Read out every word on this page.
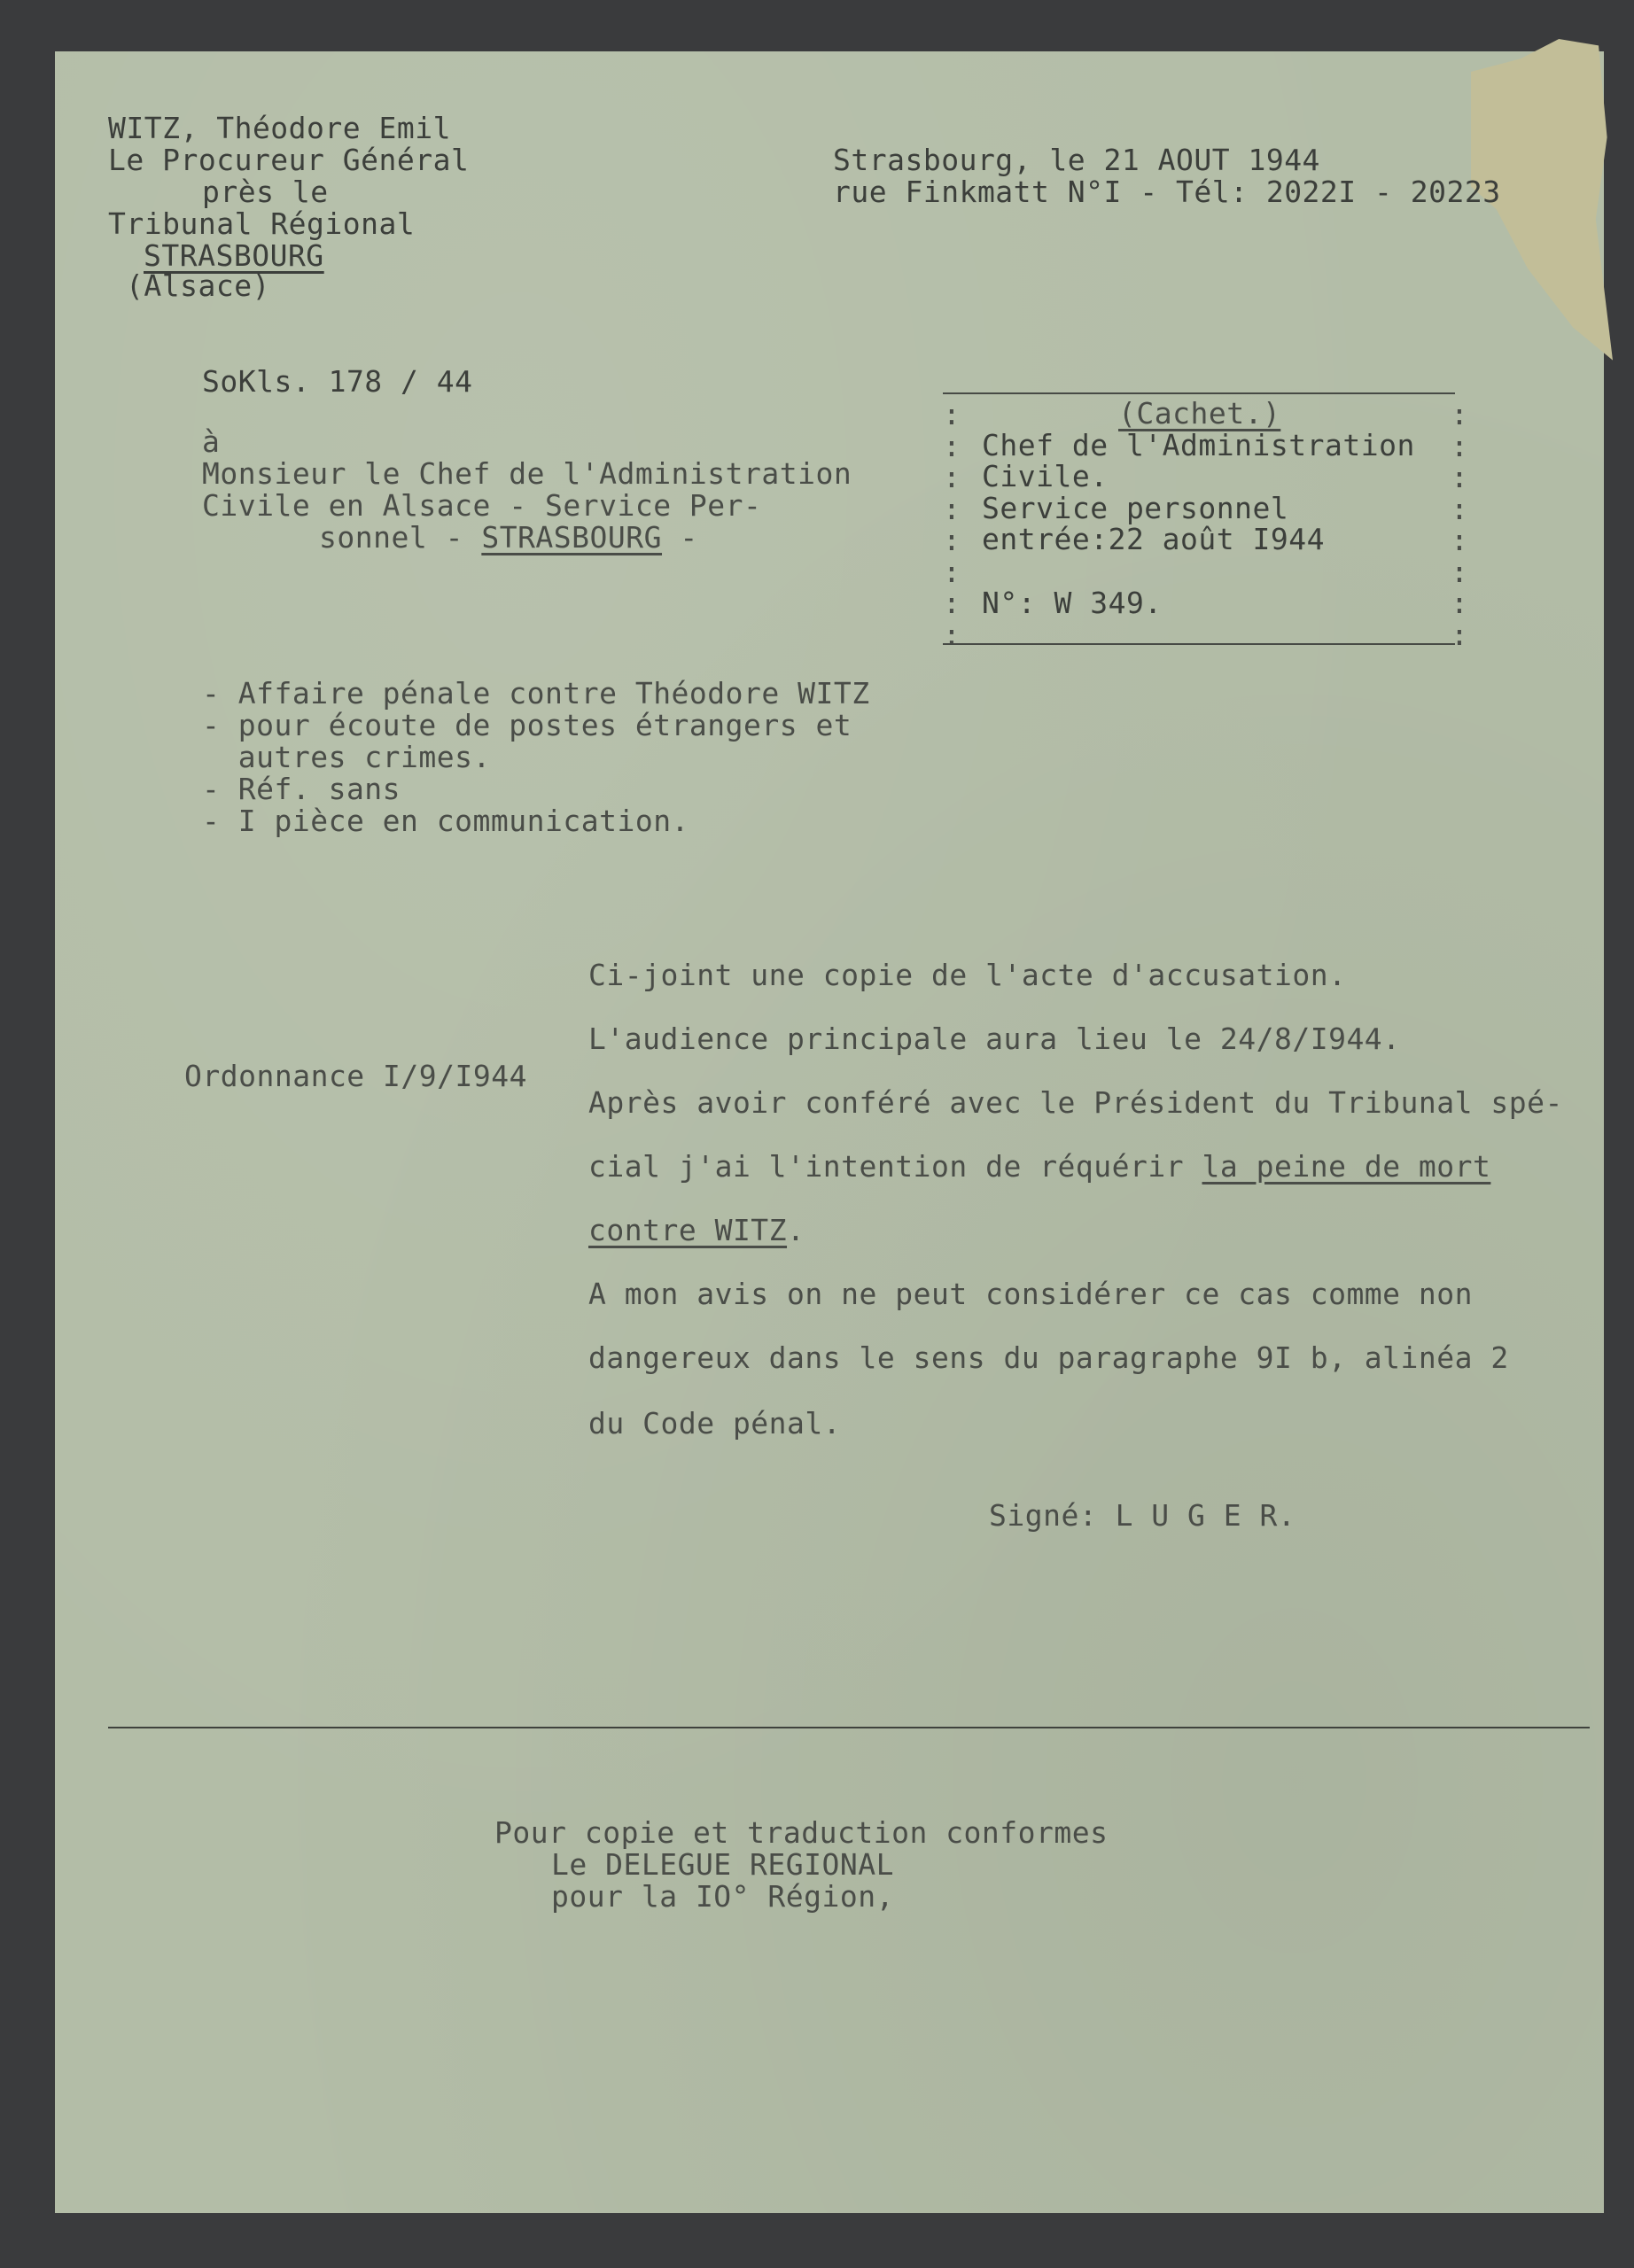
WITZ, Théodore Emil
Le Procureur Général
près le
Tribunal Régional
STRASBOURG
(Alsace)
Strasbourg, le 21 AOUT 1944
rue Finkmatt N°I - Tél: 2022I - 20223
SoKls. 178 / 44
à
Monsieur le Chef de l'Administration
Civile en Alsace - Service Per-
sonnel - STRASBOURG -
:
:
:
:
:
:
:
:
:
:
:
:
:
:
:
:
(Cachet.)
Chef de l'Administration
Civile.
Service personnel
entrée:22 août I944
N°: W 349.
- Affaire pénale contre Théodore WITZ
- pour écoute de postes étrangers et
autres crimes.
- Réf. sans
- I pièce en communication.
Ordonnance I/9/I944
Ci-joint une copie de l'acte d'accusation.
L'audience principale aura lieu le 24/8/I944.
Après avoir conféré avec le Président du Tribunal spé-
cial j'ai l'intention de réquérir la peine de mort
contre WITZ.
A mon avis on ne peut considérer ce cas comme non
dangereux dans le sens du paragraphe 9I b, alinéa 2
du Code pénal.
Signé: L U G E R.
Pour copie et traduction conformes
Le DELEGUE REGIONAL
pour la IO° Région,
